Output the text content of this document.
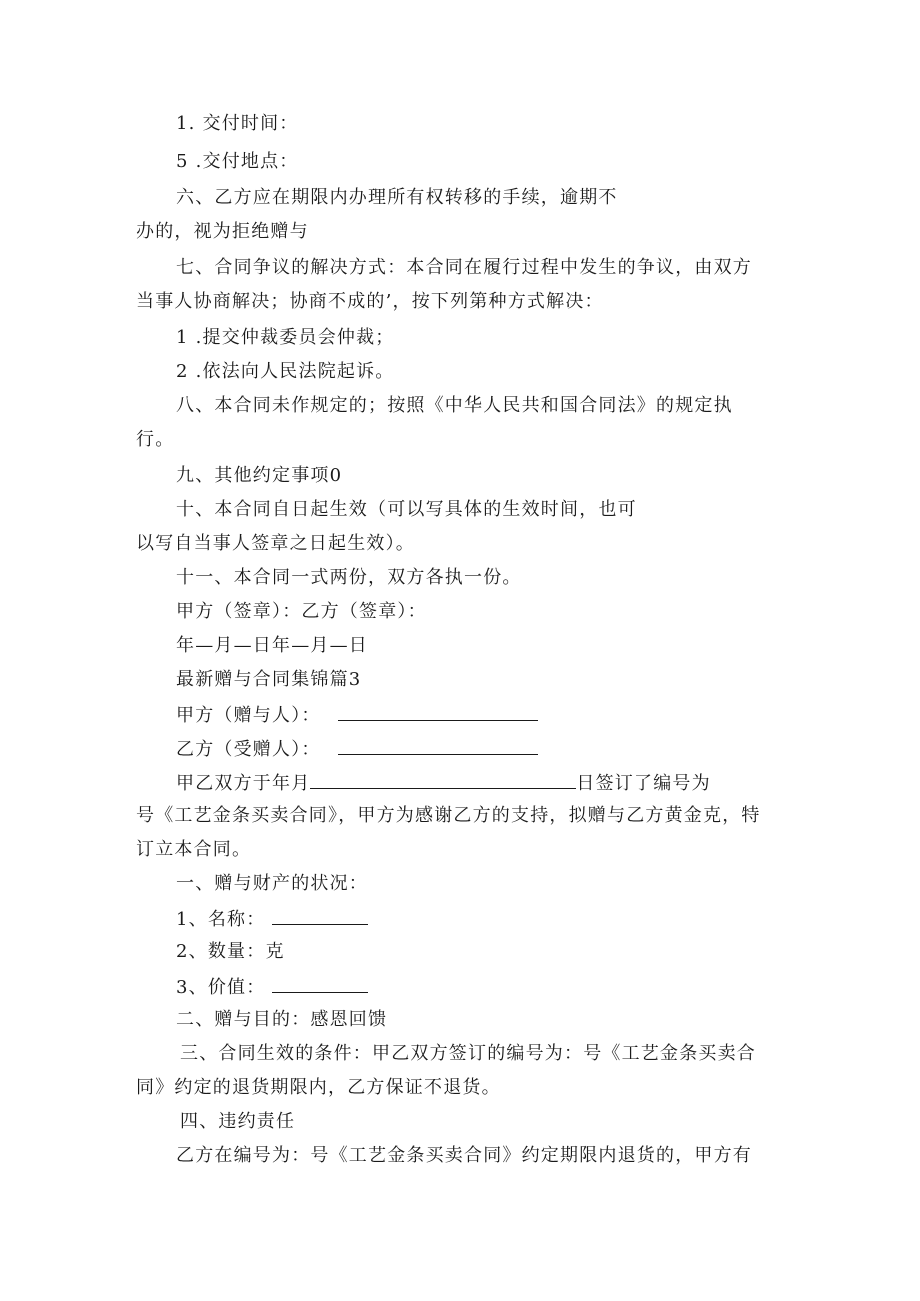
1. 交付时间：
5 .交付地点：
六、乙方应在期限内办理所有权转移的手续，逾期不
办的，视为拒绝赠与
七、合同争议的解决方式：本合同在履行过程中发生的争议，由双方
当事人协商解决；协商不成的’，按下列第种方式解决：
1 .提交仲裁委员会仲裁；
2 .依法向人民法院起诉。
八、本合同未作规定的；按照《中华人民共和国合同法》的规定执
行。
九、其他约定事项0
十、本合同自日起生效（可以写具体的生效时间，也可
以写自当事人签章之日起生效）。
十一、本合同一式两份，双方各执一份。
甲方（签章）：乙方（签章）：
年—月—日年—月—日
最新赠与合同集锦篇3
甲方（赠与人）：
乙方（受赠人）：
甲乙双方于年月	日签订了编号为
号《工艺金条买卖合同》，甲方为感谢乙方的支持，拟赠与乙方黄金克，特
订立本合同。
一、赠与财产的状况：
1、名称：
2、数量：克
3、价值：
二、赠与目的：感恩回馈
三、合同生效的条件：甲乙双方签订的编号为：号《工艺金条买卖合
同》约定的退货期限内，乙方保证不退货。
四、违约责任
乙方在编号为：号《工艺金条买卖合同》约定期限内退货的，甲方有
